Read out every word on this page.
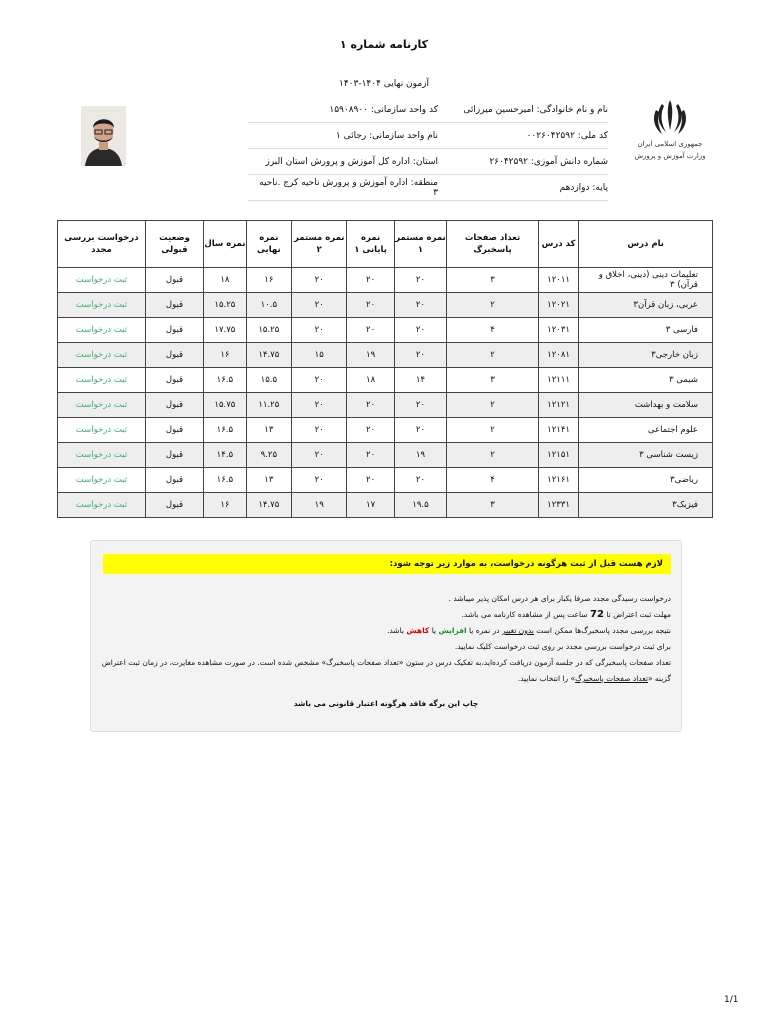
کارنامه شماره ۱
آزمون نهایی ۱۴۰۴-۱۴۰۳
جمهوری اسلامی ایران
وزارت آموزش و پرورش
نام و نام خانوادگی: امیرحسین میرزائی
کد واحد سازمانی: ۱۵۹۰۸۹۰۰
کد ملی: ۰۰۲۶۰۴۲۵۹۲
نام واحد سازمانی: رجائی ۱
شماره دانش آموزی: ۲۶۰۴۲۵۹۲
استان: اداره کل آموزش و پرورش استان البرز
پایه: دوازدهم
منطقه: اداره آموزش و پرورش ناحیه کرج .ناحیه ۳
نام درس	کد درس	تعداد صفحات پاسخبرگ	نمره مستمر ۱	نمره پایانی ۱	نمره مستمر ۲	نمره نهایی	نمره سال	وضعیت قبولی	درخواست بررسی مجدد
تعلیمات دینی (دینی، اخلاق و قرآن) ۳	۱۲۰۱۱	۳	۲۰	۲۰	۲۰	۱۶	۱۸	قبول	ثبت درخواست
عربی، زبان قرآن۳	۱۲۰۲۱	۲	۲۰	۲۰	۲۰	۱۰.۵	۱۵.۲۵	قبول	ثبت درخواست
فارسی ۳	۱۲۰۳۱	۴	۲۰	۲۰	۲۰	۱۵.۲۵	۱۷.۷۵	قبول	ثبت درخواست
زبان خارجی۳	۱۲۰۸۱	۲	۲۰	۱۹	۱۵	۱۴.۷۵	۱۶	قبول	ثبت درخواست
شیمی ۳	۱۲۱۱۱	۳	۱۴	۱۸	۲۰	۱۵.۵	۱۶.۵	قبول	ثبت درخواست
سلامت و بهداشت	۱۲۱۲۱	۲	۲۰	۲۰	۲۰	۱۱.۲۵	۱۵.۷۵	قبول	ثبت درخواست
علوم اجتماعی	۱۲۱۴۱	۲	۲۰	۲۰	۲۰	۱۳	۱۶.۵	قبول	ثبت درخواست
زیست شناسی ۳	۱۲۱۵۱	۲	۱۹	۲۰	۲۰	۹.۲۵	۱۴.۵	قبول	ثبت درخواست
ریاضی۳	۱۲۱۶۱	۴	۲۰	۲۰	۲۰	۱۳	۱۶.۵	قبول	ثبت درخواست
فیزیک۳	۱۲۳۳۱	۳	۱۹.۵	۱۷	۱۹	۱۴.۷۵	۱۶	قبول	ثبت درخواست
لازم هست قبل از ثبت هرگونه درخواست، به موارد زیر توجه شود:
درخواست رسیدگی مجدد صرفا یکبار برای هر درس امکان پذیر میباشد .
مهلت ثبت اعتراض تا 72 ساعت پس از مشاهده کارنامه می باشد.
نتیجه بررسی مجدد پاسخبرگ‌ها ممکن است بدون تغییر در نمره یا افزایش یا کاهش باشد.
برای ثبت درخواست بررسی مجدد بر روی ثبت درخواست کلیک نمایید.
تعداد صفحات پاسخبرگی که در جلسه آزمون دریافت کرده‌اید،به تفکیک درس در ستون «تعداد صفحات پاسخبرگ» مشخص شده است. در صورت مشاهده مغایرت، در زمان ثبت اعتراض گزینه «تعداد صفحات پاسخبرگ» را انتخاب نمایید.
چاپ این برگه فاقد هرگونه اعتبار قانونی می باشد
1/1
